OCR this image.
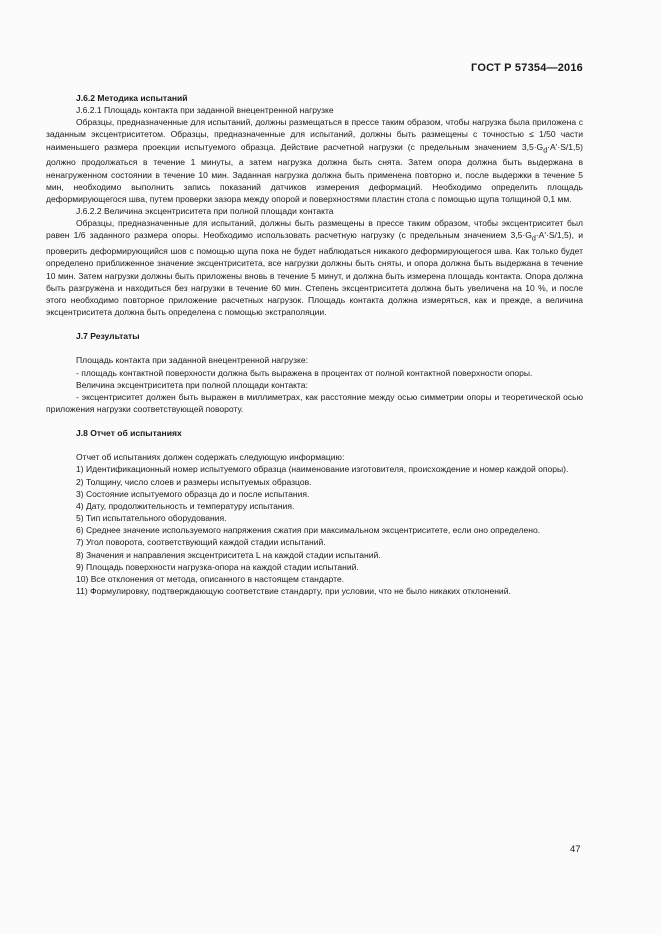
ГОСТ Р 57354—2016

J.6.2 Методика испытаний

J.6.2.1 Площадь контакта при заданной внецентренной нагрузке

Образцы, предназначенные для испытаний, должны размещаться в прессе таким образом, чтобы нагрузка была приложена с заданным эксцентриситетом. Образцы, предназначенные для испытаний, должны быть размещены с точностью ≤ 1/50 части наименьшего размера проекции испытуемого образца. Действие расчетной нагрузки (с предельным значением $3,5\cdot G_d\cdot A'\cdot S/1,5$) должно продолжаться в течение 1 минуты, а затем нагрузка должна быть снята. Затем опора должна быть выдержана в ненагруженном состоянии в течение 10 мин. Заданная нагрузка должна быть применена повторно и, после выдержки в течение 5 мин, необходимо выполнить запись показаний датчиков измерения деформаций. Необходимо определить площадь деформирующегося шва, путем проверки зазора между опорой и поверхностями пластин стола с помощью щупа толщиной 0,1 мм.

J.6.2.2 Величина эксцентриситета при полной площади контакта

Образцы, предназначенные для испытаний, должны быть размещены в прессе таким образом, чтобы эксцентриситет был равен 1/6 заданного размера опоры. Необходимо использовать расчетную нагрузку (с предельным значением $3,5\cdot G_d\cdot A'\cdot S/1,5$), и проверить деформирующийся шов с помощью щупа пока не будет наблюдаться никакого деформирующегося шва. Как только будет определено приближенное значение эксцентриситета, все нагрузки должны быть сняты, и опора должна быть выдержана в течение 10 мин. Затем нагрузки должны быть приложены вновь в течение 5 минут, и должна быть измерена площадь контакта. Опора должна быть разгружена и находиться без нагрузки в течение 60 мин. Степень эксцентриситета должна быть увеличена на 10 %, и после этого необходимо повторное приложение расчетных нагрузок. Площадь контакта должна измеряться, как и прежде, а величина эксцентриситета должна быть определена с помощью экстраполяции.

J.7 Результаты

Площадь контакта при заданной внецентренной нагрузке:

- площадь контактной поверхности должна быть выражена в процентах от полной контактной поверхности опоры.

Величина эксцентриситета при полной площади контакта:

- эксцентриситет должен быть выражен в миллиметрах, как расстояние между осью симметрии опоры и теоретической осью приложения нагрузки соответствующей повороту.

J.8 Отчет об испытаниях

Отчет об испытаниях должен содержать следующую информацию:

1) Идентификационный номер испытуемого образца (наименование изготовителя, происхождение и номер каждой опоры).

2) Толщину, число слоев и размеры испытуемых образцов.

3) Состояние испытуемого образца до и после испытания.

4) Дату, продолжительность и температуру испытания.

5) Тип испытательного оборудования.

6) Среднее значение используемого напряжения сжатия при максимальном эксцентриситете, если оно определено.

7) Угол поворота, соответствующий каждой стадии испытаний.

8) Значения и направления эксцентриситета L на каждой стадии испытаний.

9) Площадь поверхности нагрузка-опора на каждой стадии испытаний.

10) Все отклонения от метода, описанного в настоящем стандарте.

11) Формулировку, подтверждающую соответствие стандарту, при условии, что не было никаких отклонений.

47
